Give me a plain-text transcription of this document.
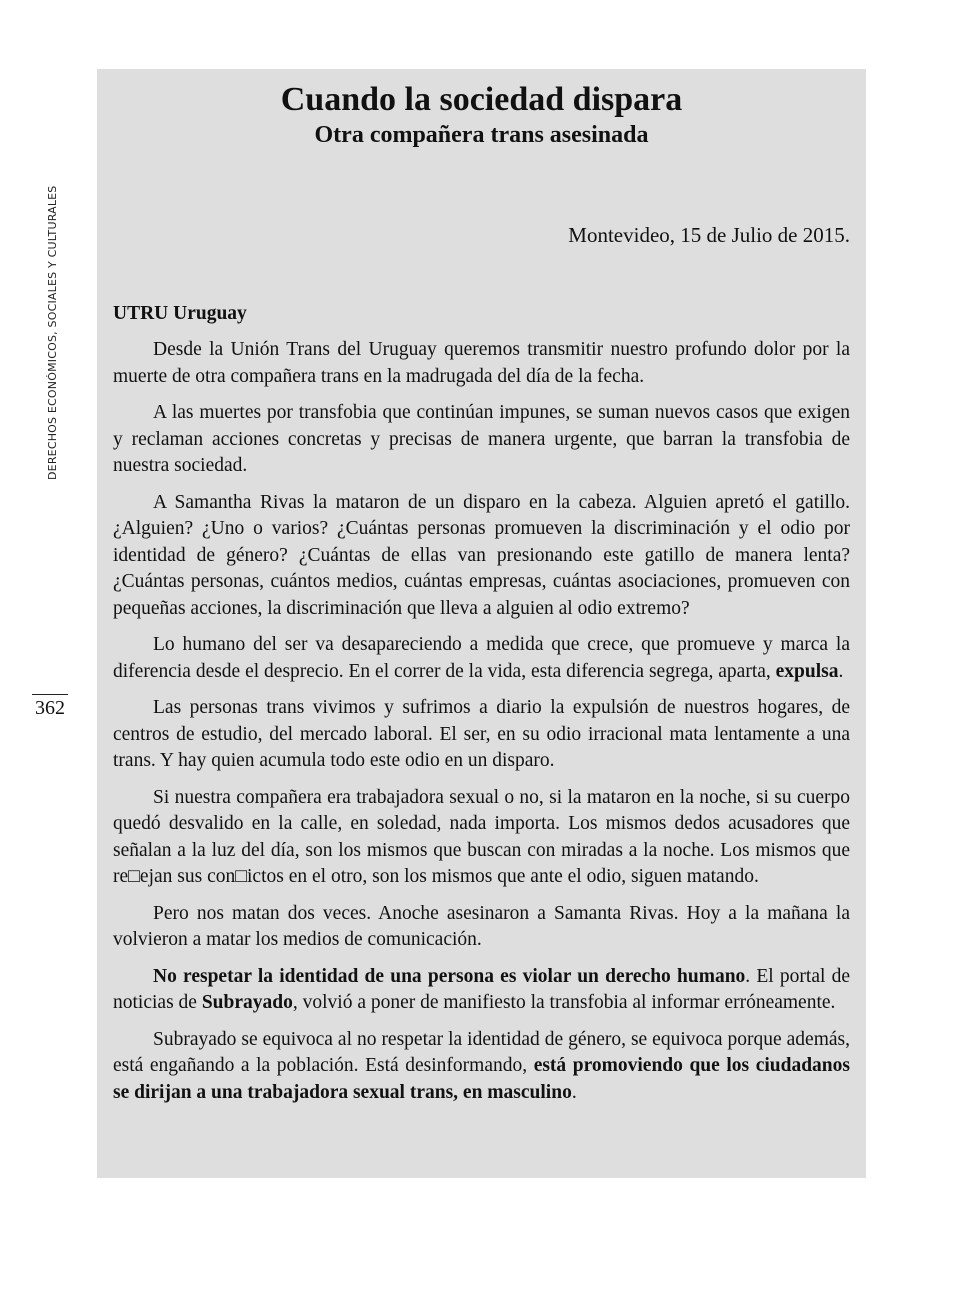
DERECHOS ECONÓMICOS, SOCIALES Y CULTURALES
362
Cuando la sociedad dispara
Otra compañera trans asesinada

Montevideo, 15 de Julio de 2015.

UTRU Uruguay

Desde la Unión Trans del Uruguay queremos transmitir nuestro profundo dolor por la muerte de otra compañera trans en la madrugada del día de la fecha.

A las muertes por transfobia que continúan impunes, se suman nuevos casos que exigen y reclaman acciones concretas y precisas de manera urgente, que barran la transfobia de nuestra sociedad.

A Samantha Rivas la mataron de un disparo en la cabeza. Alguien apretó el gatillo. ¿Alguien? ¿Uno o varios? ¿Cuántas personas promueven la discriminación y el odio por identidad de género? ¿Cuántas de ellas van presionando este gatillo de manera lenta? ¿Cuántas personas, cuántos medios, cuántas empresas, cuántas asociaciones, promueven con pequeñas acciones, la discriminación que lleva a alguien al odio extremo?

Lo humano del ser va desapareciendo a medida que crece, que promueve y marca la diferencia desde el desprecio. En el correr de la vida, esta diferencia segrega, aparta, expulsa.

Las personas trans vivimos y sufrimos a diario la expulsión de nuestros hogares, de centros de estudio, del mercado laboral. El ser, en su odio irracional mata lentamente a una trans. Y hay quien acumula todo este odio en un disparo.

Si nuestra compañera era trabajadora sexual o no, si la mataron en la noche, si su cuerpo quedó desvalido en la calle, en soledad, nada importa. Los mismos dedos acusadores que señalan a la luz del día, son los mismos que buscan con miradas a la noche. Los mismos que re□ejan sus con□ictos en el otro, son los mismos que ante el odio, siguen matando.

Pero nos matan dos veces. Anoche asesinaron a Samanta Rivas. Hoy a la mañana la volvieron a matar los medios de comunicación.

No respetar la identidad de una persona es violar un derecho humano. El portal de noticias de Subrayado, volvió a poner de manifiesto la transfobia al informar erróneamente.

Subrayado se equivoca al no respetar la identidad de género, se equivoca porque además, está engañando a la población. Está desinformando, está promoviendo que los ciudadanos se dirijan a una trabajadora sexual trans, en masculino.
